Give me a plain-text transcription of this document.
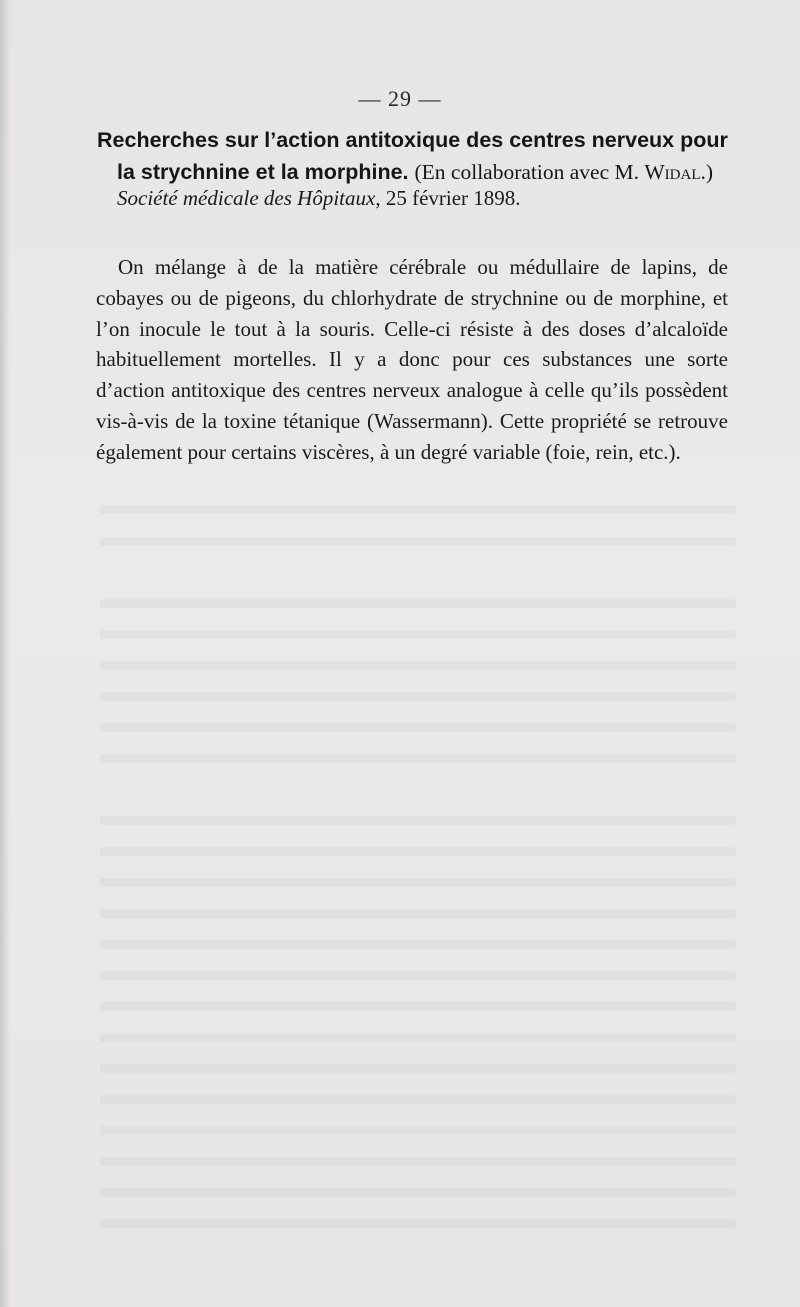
— 29 —
Recherches sur l’action antitoxique des centres nerveux pour
la strychnine et la morphine. (En collaboration avec M. Widal.)
Société médicale des Hôpitaux, 25 février 1898.

On mélange à de la matière cérébrale ou médullaire de lapins, de cobayes ou de pigeons, du chlorhydrate de strychnine ou de morphine, et l’on inocule le tout à la souris. Celle-ci résiste à des doses d’alcaloïde habituellement mortelles. Il y a donc pour ces substances une sorte d’action antitoxique des centres nerveux analogue à celle qu’ils possèdent vis-à-vis de la toxine tétanique (Wassermann). Cette propriété se retrouve également pour certains viscères, à un degré variable (foie, rein, etc.).
